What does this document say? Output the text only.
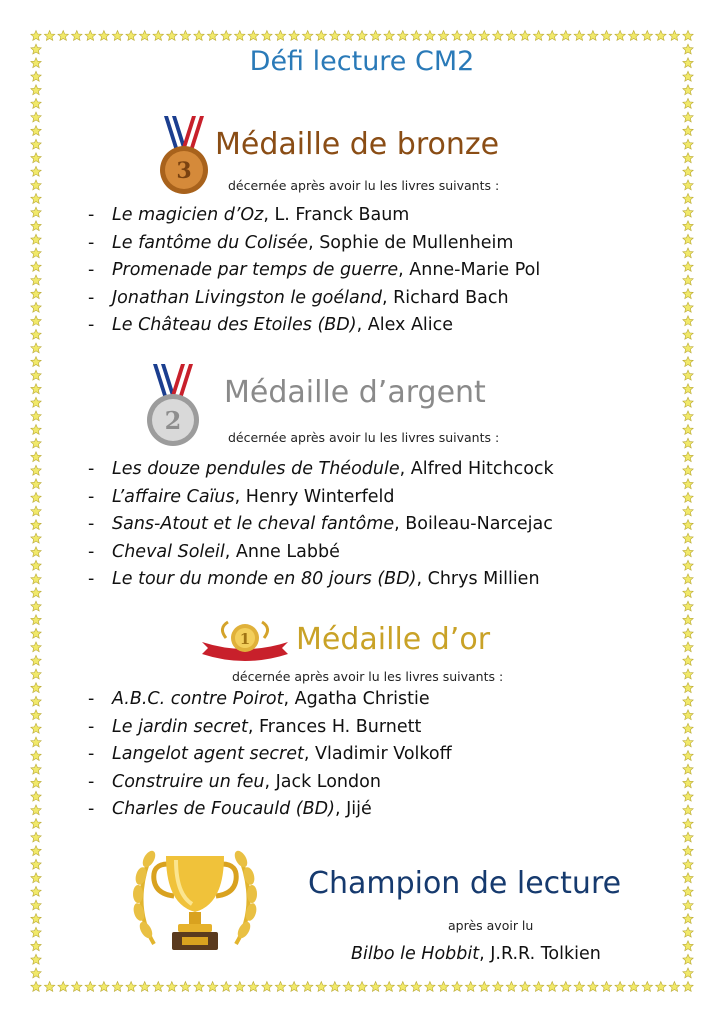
Défi lecture CM2
3
Médaille de bronze
décernée après avoir lu les livres suivants :
- Le magicien d’Oz, L. Franck Baum
- Le fantôme du Colisée, Sophie de Mullenheim
- Promenade par temps de guerre, Anne-Marie Pol
- Jonathan Livingston le goéland, Richard Bach
- Le Château des Etoiles (BD), Alex Alice
2
Médaille d’argent
décernée après avoir lu les livres suivants :
- Les douze pendules de Théodule, Alfred Hitchcock
- L’affaire Caïus, Henry Winterfeld
- Sans-Atout et le cheval fantôme, Boileau-Narcejac
- Cheval Soleil, Anne Labbé
- Le tour du monde en 80 jours (BD), Chrys Millien
1 Médaille d’or
décernée après avoir lu les livres suivants :
- A.B.C. contre Poirot, Agatha Christie
- Le jardin secret, Frances H. Burnett
- Langelot agent secret, Vladimir Volkoff
- Construire un feu, Jack London
- Charles de Foucauld (BD), Jijé
Champion de lecture
après avoir lu
Bilbo le Hobbit, J.R.R. Tolkien
